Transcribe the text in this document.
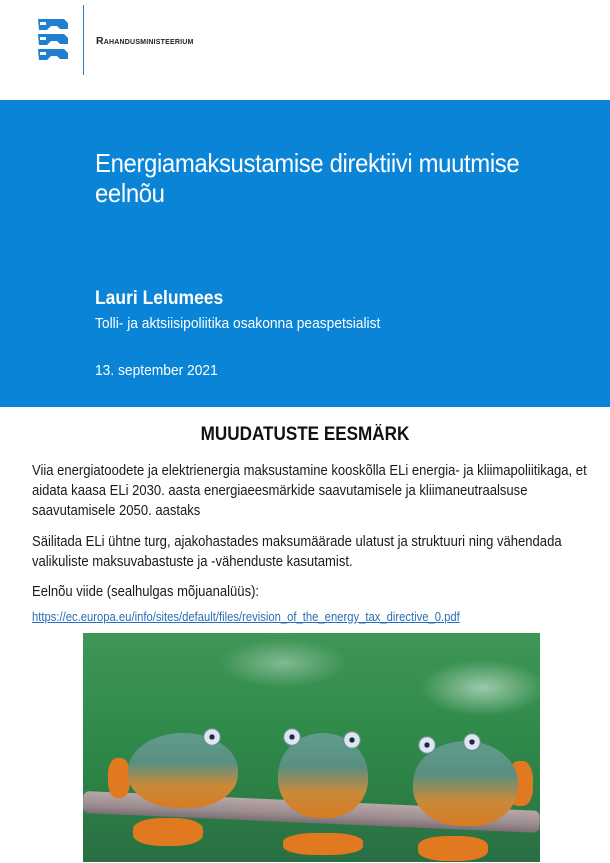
Rahandusministeerium
Energiamaksustamise direktiivi muutmise eelnõu
Lauri Lelumees
Tolli- ja aktsiisipoliitika osakonna peaspetsialist
13. september 2021
MUUDATUSTE EESMÄRK
Viia energiatoodete ja elektrienergia maksustamine kooskõlla ELi energia- ja kliimapoliitikaga, et aidata kaasa ELi 2030. aasta energiaeesmärkide saavutamisele ja kliimaneutraalsuse saavutamisele 2050. aastaks
Säilitada ELi ühtne turg, ajakohastades maksumäärade ulatust ja struktuuri ning vähendada valikuliste maksuvabastuste ja -vähenduste kasutamist.
Eelnõu viide (sealhulgas mõjuanalüüs):
https://ec.europa.eu/info/sites/default/files/revision_of_the_energy_tax_directive_0.pdf
